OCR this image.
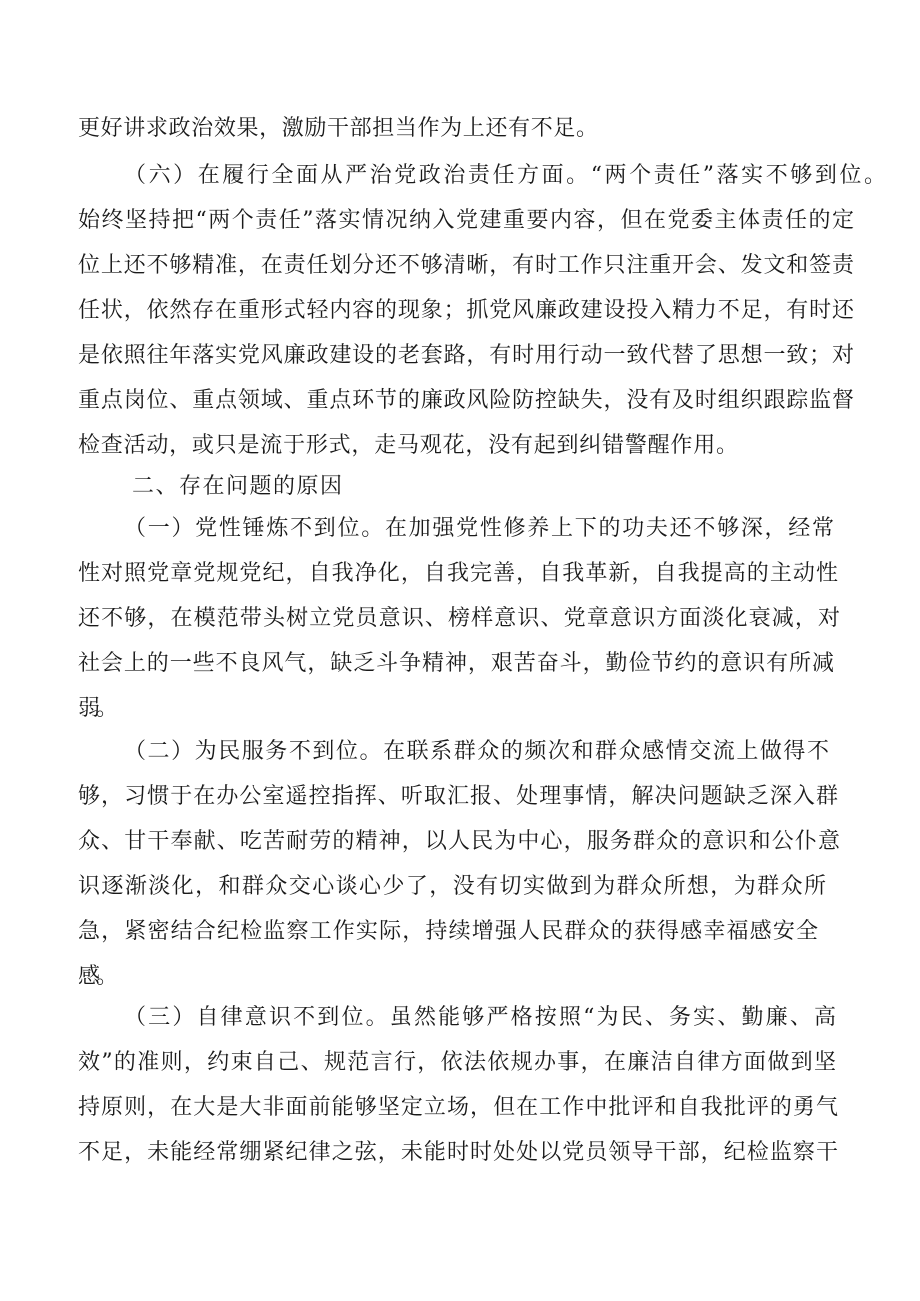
更好讲求政治效果，激励干部担当作为上还有不足。
（六）在履行全面从严治党政治责任方面。“两个责任”落实不够到位。
始终坚持把“两个责任”落实情况纳入党建重要内容，但在党委主体责任的定
位上还不够精准，在责任划分还不够清晰，有时工作只注重开会、发文和签责
任状，依然存在重形式轻内容的现象；抓党风廉政建设投入精力不足，有时还
是依照往年落实党风廉政建设的老套路，有时用行动一致代替了思想一致；对
重点岗位、重点领域、重点环节的廉政风险防控缺失，没有及时组织跟踪监督
检查活动，或只是流于形式，走马观花，没有起到纠错警醒作用。
二、存在问题的原因
（一）党性锤炼不到位。在加强党性修养上下的功夫还不够深，经常
性对照党章党规党纪，自我净化，自我完善，自我革新，自我提高的主动性
还不够，在模范带头树立党员意识、榜样意识、党章意识方面淡化衰减，对
社会上的一些不良风气，缺乏斗争精神，艰苦奋斗，勤俭节约的意识有所减
弱。
（二）为民服务不到位。在联系群众的频次和群众感情交流上做得不
够，习惯于在办公室遥控指挥、听取汇报、处理事情，解决问题缺乏深入群
众、甘干奉献、吃苦耐劳的精神，以人民为中心，服务群众的意识和公仆意
识逐渐淡化，和群众交心谈心少了，没有切实做到为群众所想，为群众所
急，紧密结合纪检监察工作实际，持续增强人民群众的获得感幸福感安全
感。
（三）自律意识不到位。虽然能够严格按照“为民、务实、勤廉、高
效”的准则，约束自己、规范言行，依法依规办事，在廉洁自律方面做到坚
持原则，在大是大非面前能够坚定立场，但在工作中批评和自我批评的勇气
不足，未能经常绷紧纪律之弦，未能时时处处以党员领导干部，纪检监察干
